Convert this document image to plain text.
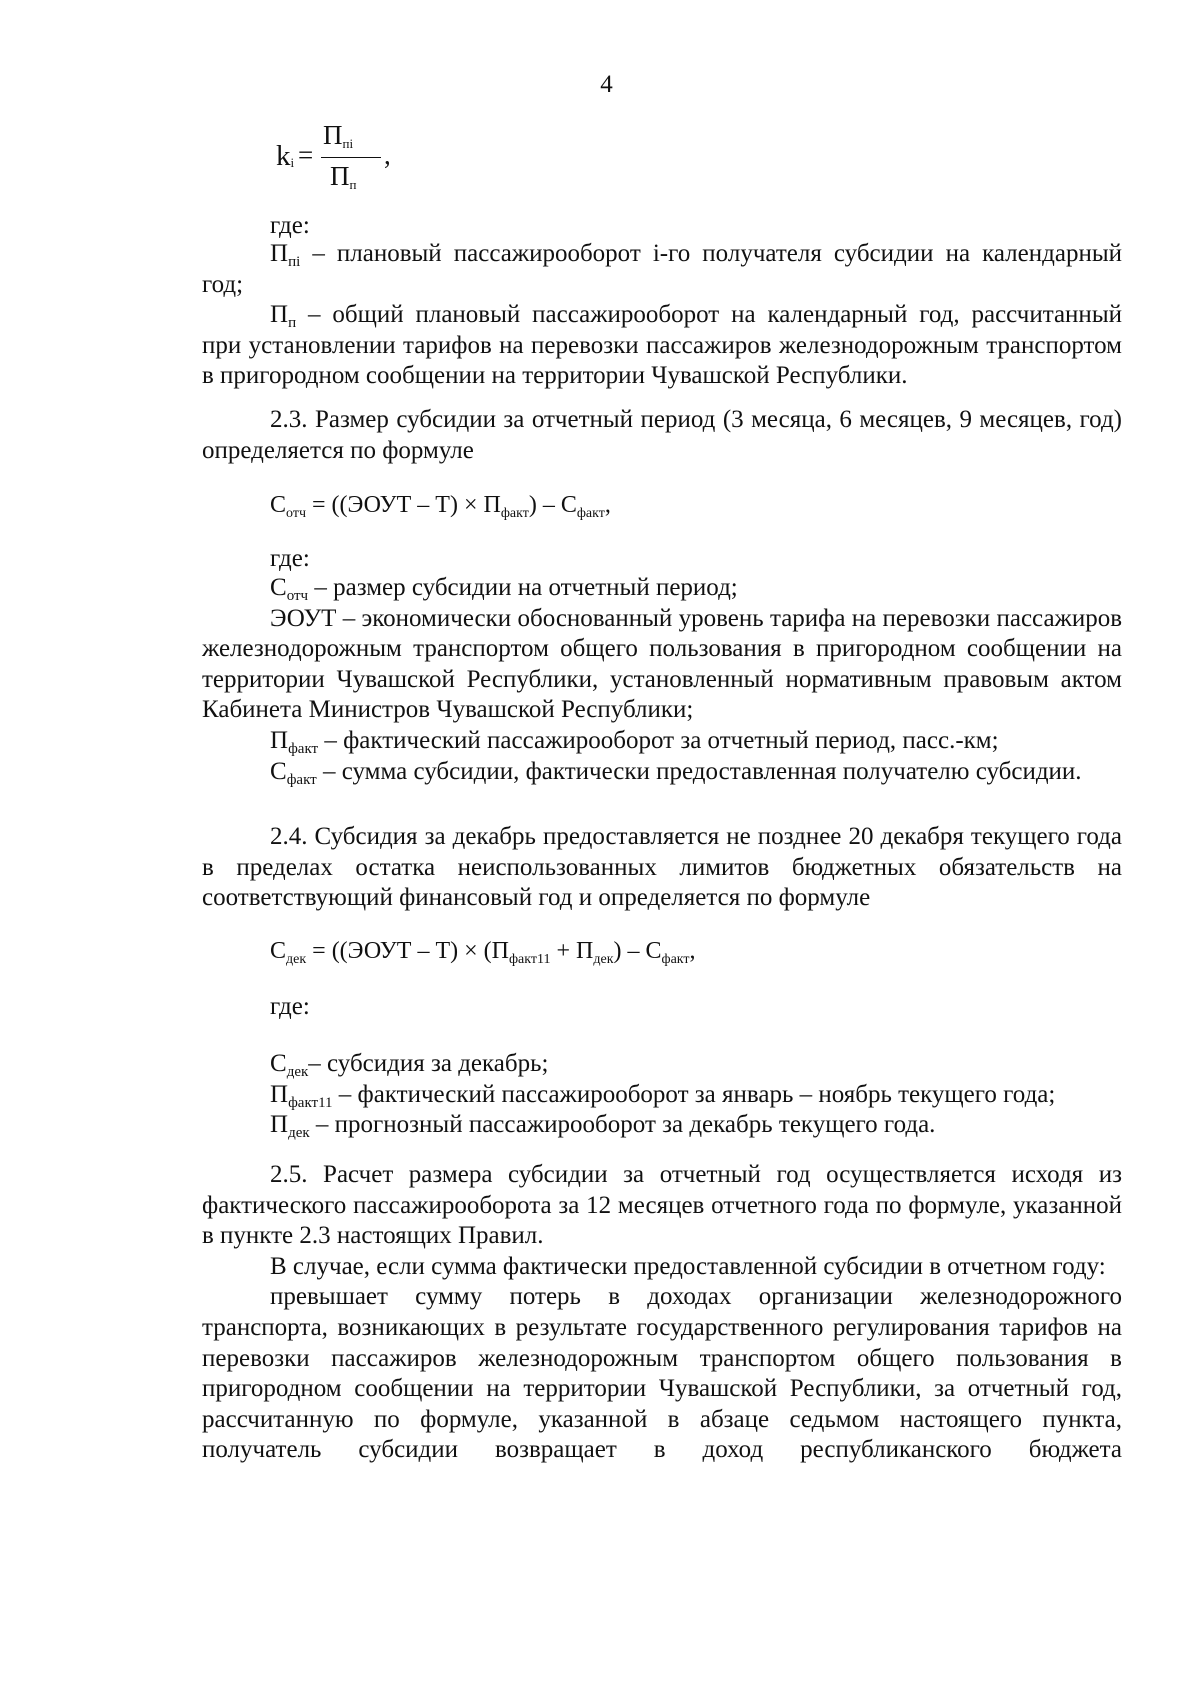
4
$k_i$ =
$П_{пi}$
$П_п$
,
где:

$П_{пi}$ – плановый пассажирооборот i-го получателя субсидии на календарный год;

$П_п$ – общий плановый пассажирооборот на календарный год, рассчитанный при установлении тарифов на перевозки пассажиров железнодорожным транспортом в пригородном сообщении на территории Чувашской Республики.

2.3. Размер субсидии за отчетный период (3 месяца, 6 месяцев, 9 месяцев, год) определяется по формуле

$С_{отч}$ = ((ЭОУТ – $Т) \times П_{факт}) - С_{факт}$,
где:

$С_{отч}$ – размер субсидии на отчетный период;

ЭОУТ – экономически обоснованный уровень тарифа на перевозки пассажиров железнодорожным транспортом общего пользования в пригородном сообщении на территории Чувашской Республики, установленный нормативным правовым актом Кабинета Министров Чувашской Республики;

$П_{факт}$ – фактический пассажирооборот за отчетный период, пасс.-км;

$С_{факт}$ – сумма субсидии, фактически предоставленная получателю субсидии.

2.4. Субсидия за декабрь предоставляется не позднее 20 декабря текущего года в пределах остатка неиспользованных лимитов бюджетных обязательств на соответствующий финансовый год и определяется по формуле

$С_{дек}$ = ((ЭОУТ – $Т) \times (П_{факт11} + П_{дек}) - С_{факт}$,
где:

$С_{дек}-$ субсидия за декабрь;

$П_{факт11}$ – фактический пассажирооборот за январь – ноябрь текущего года;

$П_{дек}$ – прогнозный пассажирооборот за декабрь текущего года.

2.5. Расчет размера субсидии за отчетный год осуществляется исходя из фактического пассажирооборота за 12 месяцев отчетного года по формуле, указанной в пункте 2.3 настоящих Правил.

В случае, если сумма фактически предоставленной субсидии в отчетном году:

превышает сумму потерь в доходах организации железнодорожного транспорта, возникающих в результате государственного регулирования тарифов на перевозки пассажиров железнодорожным транспортом общего пользования в пригородном сообщении на территории Чувашской Республики, за отчетный год, рассчитанную по формуле, указанной в абзаце седьмом настоящего пункта, получатель субсидии возвращает в доход республиканского бюджета
